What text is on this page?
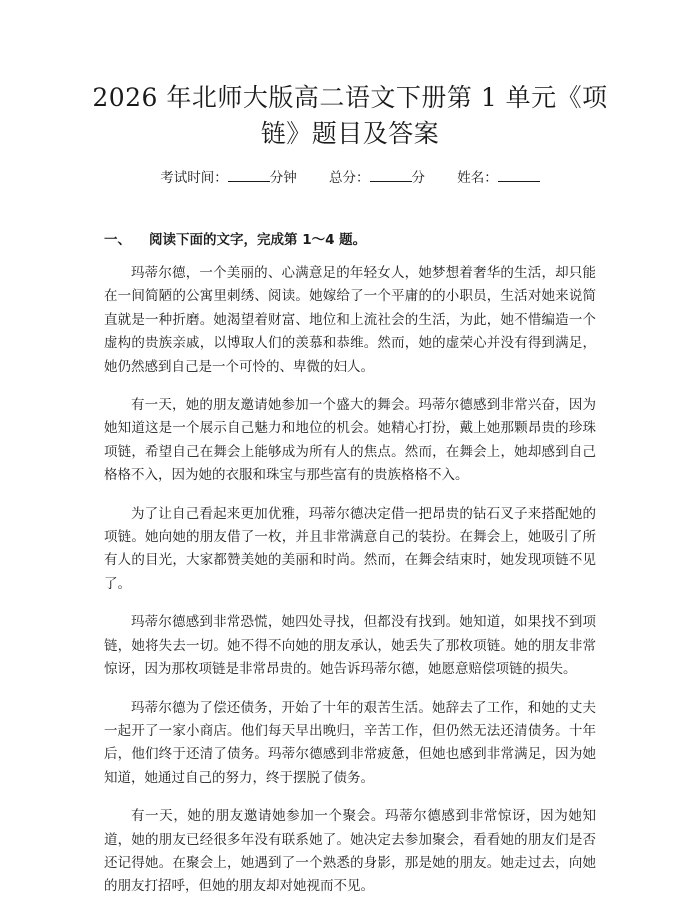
2026 年北师大版高二语文下册第 1 单元《项链》题目及答案
考试时间：	分钟 总分：	分 姓名：
一、 阅读下面的文字，完成第 1～4 题。

玛蒂尔德，一个美丽的、心满意足的年轻女人，她梦想着奢华的生活，却只能在一间简陋的公寓里刺绣、阅读。她嫁给了一个平庸的的小职员，生活对她来说简直就是一种折磨。她渴望着财富、地位和上流社会的生活，为此，她不惜编造一个虚构的贵族亲戚，以博取人们的羡慕和恭维。然而，她的虚荣心并没有得到满足，她仍然感到自己是一个可怜的、卑微的妇人。

有一天，她的朋友邀请她参加一个盛大的舞会。玛蒂尔德感到非常兴奋，因为她知道这是一个展示自己魅力和地位的机会。她精心打扮，戴上她那颗昂贵的珍珠项链，希望自己在舞会上能够成为所有人的焦点。然而，在舞会上，她却感到自己格格不入，因为她的衣服和珠宝与那些富有的贵族格格不入。

为了让自己看起来更加优雅，玛蒂尔德决定借一把昂贵的钻石叉子来搭配她的项链。她向她的朋友借了一枚，并且非常满意自己的装扮。在舞会上，她吸引了所有人的目光，大家都赞美她的美丽和时尚。然而，在舞会结束时，她发现项链不见了。

玛蒂尔德感到非常恐慌，她四处寻找，但都没有找到。她知道，如果找不到项链，她将失去一切。她不得不向她的朋友承认，她丢失了那枚项链。她的朋友非常惊讶，因为那枚项链是非常昂贵的。她告诉玛蒂尔德，她愿意赔偿项链的损失。

玛蒂尔德为了偿还债务，开始了十年的艰苦生活。她辞去了工作，和她的丈夫一起开了一家小商店。他们每天早出晚归，辛苦工作，但仍然无法还清债务。十年后，他们终于还清了债务。玛蒂尔德感到非常疲惫，但她也感到非常满足，因为她知道，她通过自己的努力，终于摆脱了债务。

有一天，她的朋友邀请她参加一个聚会。玛蒂尔德感到非常惊讶，因为她知道，她的朋友已经很多年没有联系她了。她决定去参加聚会，看看她的朋友们是否还记得她。在聚会上，她遇到了一个熟悉的身影，那是她的朋友。她走过去，向她的朋友打招呼，但她的朋友却对她视而不见。
